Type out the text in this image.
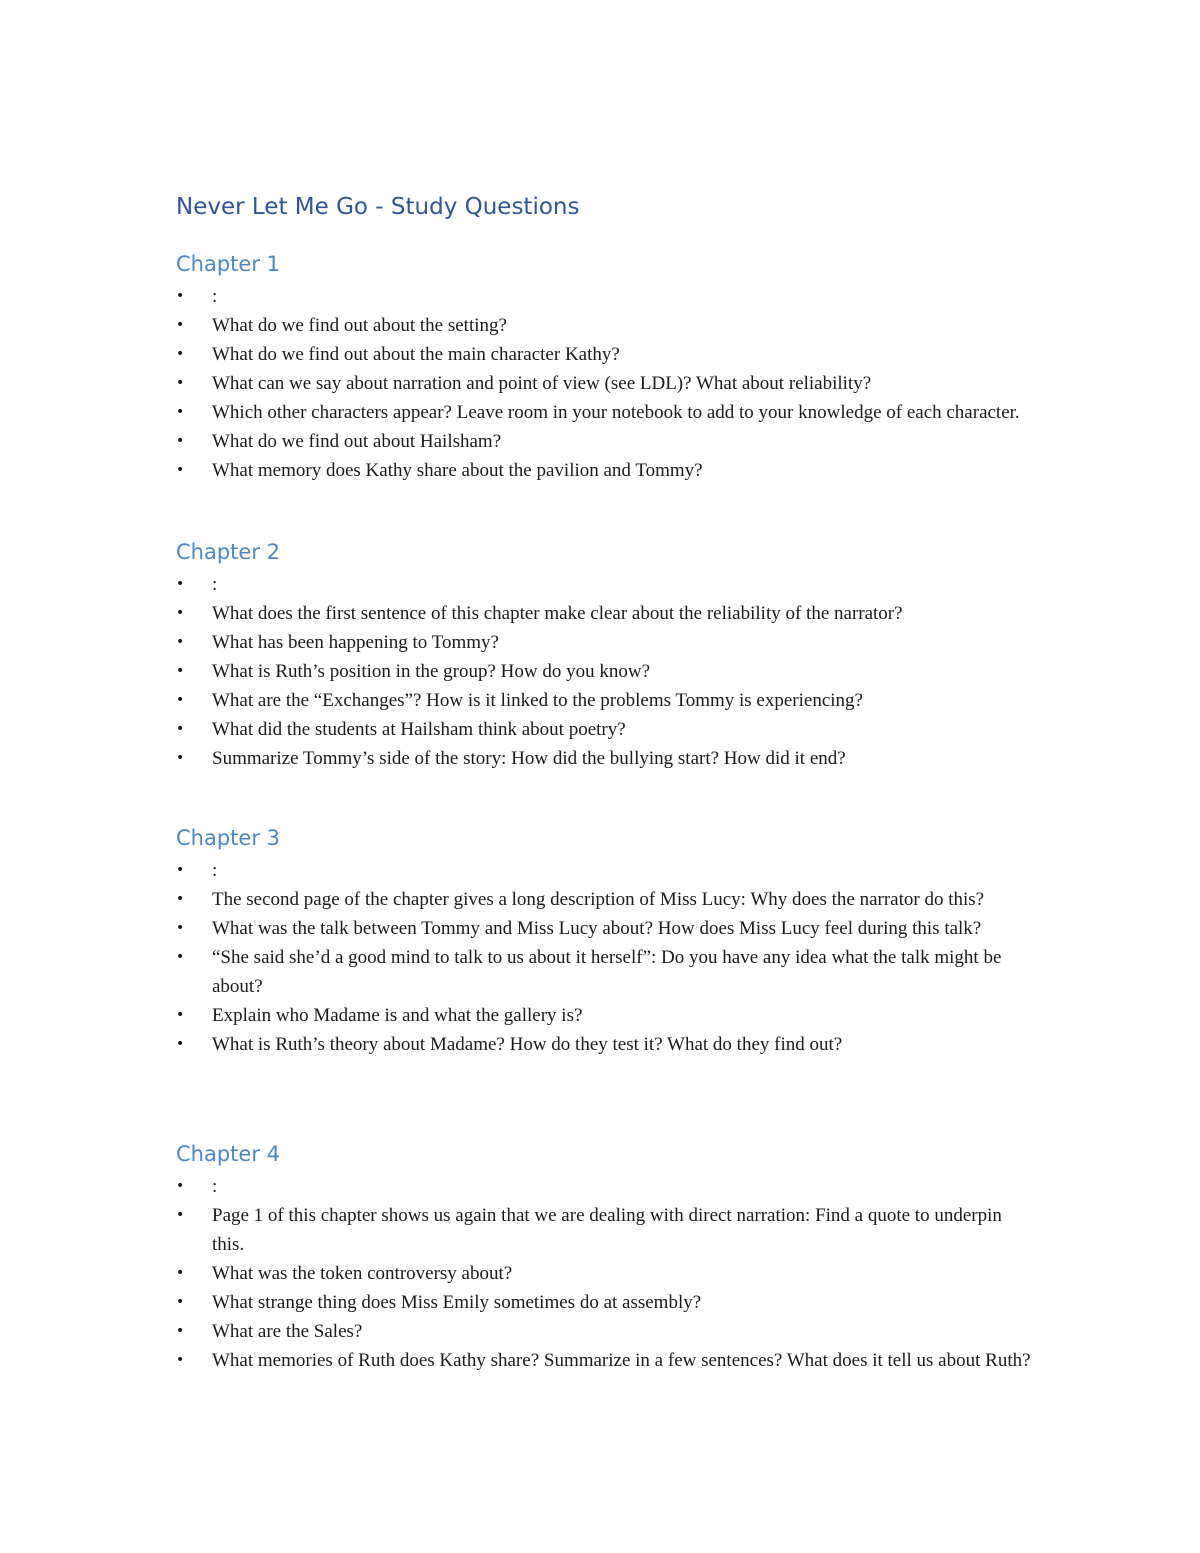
Never Let Me Go - Study Questions
Chapter 1
•	:
•	What do we find out about the setting?
•	What do we find out about the main character Kathy?
•	What can we say about narration and point of view (see LDL)? What about reliability?
•	Which other characters appear? Leave room in your notebook to add to your knowledge of each character.
•	What do we find out about Hailsham?
•	What memory does Kathy share about the pavilion and Tommy?
Chapter 2
•	:
•	What does the first sentence of this chapter make clear about the reliability of the narrator?
•	What has been happening to Tommy?
•	What is Ruth’s position in the group? How do you know?
•	What are the “Exchanges”? How is it linked to the problems Tommy is experiencing?
•	What did the students at Hailsham think about poetry?
•	Summarize Tommy’s side of the story: How did the bullying start? How did it end?
Chapter 3
•	:
•	The second page of the chapter gives a long description of Miss Lucy: Why does the narrator do this?
•	What was the talk between Tommy and Miss Lucy about? How does Miss Lucy feel during this talk?
•	“She said she’d a good mind to talk to us about it herself”: Do you have any idea what the talk might be about?
•	Explain who Madame is and what the gallery is?
•	What is Ruth’s theory about Madame? How do they test it? What do they find out?
Chapter 4
•	:
•	Page 1 of this chapter shows us again that we are dealing with direct narration: Find a quote to underpin this.
•	What was the token controversy about?
•	What strange thing does Miss Emily sometimes do at assembly?
•	What are the Sales?
•	What memories of Ruth does Kathy share? Summarize in a few sentences? What does it tell us about Ruth?
